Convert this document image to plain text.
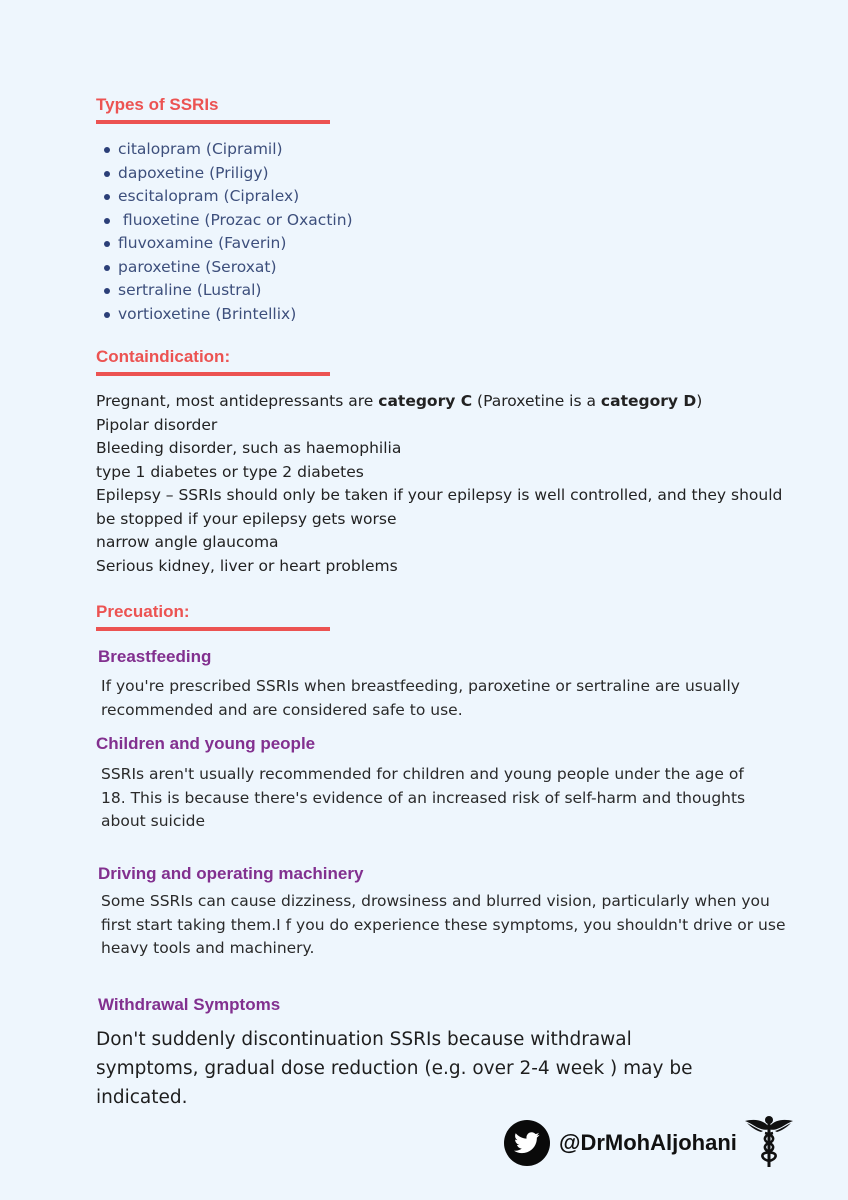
Types of SSRIs
citalopram (Cipramil)
dapoxetine (Priligy)
escitalopram (Cipralex)
fluoxetine (Prozac or Oxactin)
fluvoxamine (Faverin)
paroxetine (Seroxat)
sertraline (Lustral)
vortioxetine (Brintellix)
Containdication:

Pregnant, most antidepressants are category C (Paroxetine is a category D)

Pipolar disorder

Bleeding disorder, such as haemophilia

type 1 diabetes or type 2 diabetes

Epilepsy – SSRIs should only be taken if your epilepsy is well controlled, and they should be stopped if your epilepsy gets worse

narrow angle glaucoma

Serious kidney, liver or heart problems

Precuation:
Breastfeeding

If you're prescribed SSRIs when breastfeeding, paroxetine or sertraline are usually recommended and are considered safe to use.

Children and young people

SSRIs aren't usually recommended for children and young people under the age of 18. This is because there's evidence of an increased risk of self-harm and thoughts about suicide

Driving and operating machinery

Some SSRIs can cause dizziness, drowsiness and blurred vision, particularly when you first start taking them.I f you do experience these symptoms, you shouldn't drive or use heavy tools and machinery.

Withdrawal Symptoms

Don't suddenly discontinuation SSRIs because withdrawal symptoms, gradual dose reduction (e.g. over 2-4 week ) may be indicated.

@DrMohAljohani
